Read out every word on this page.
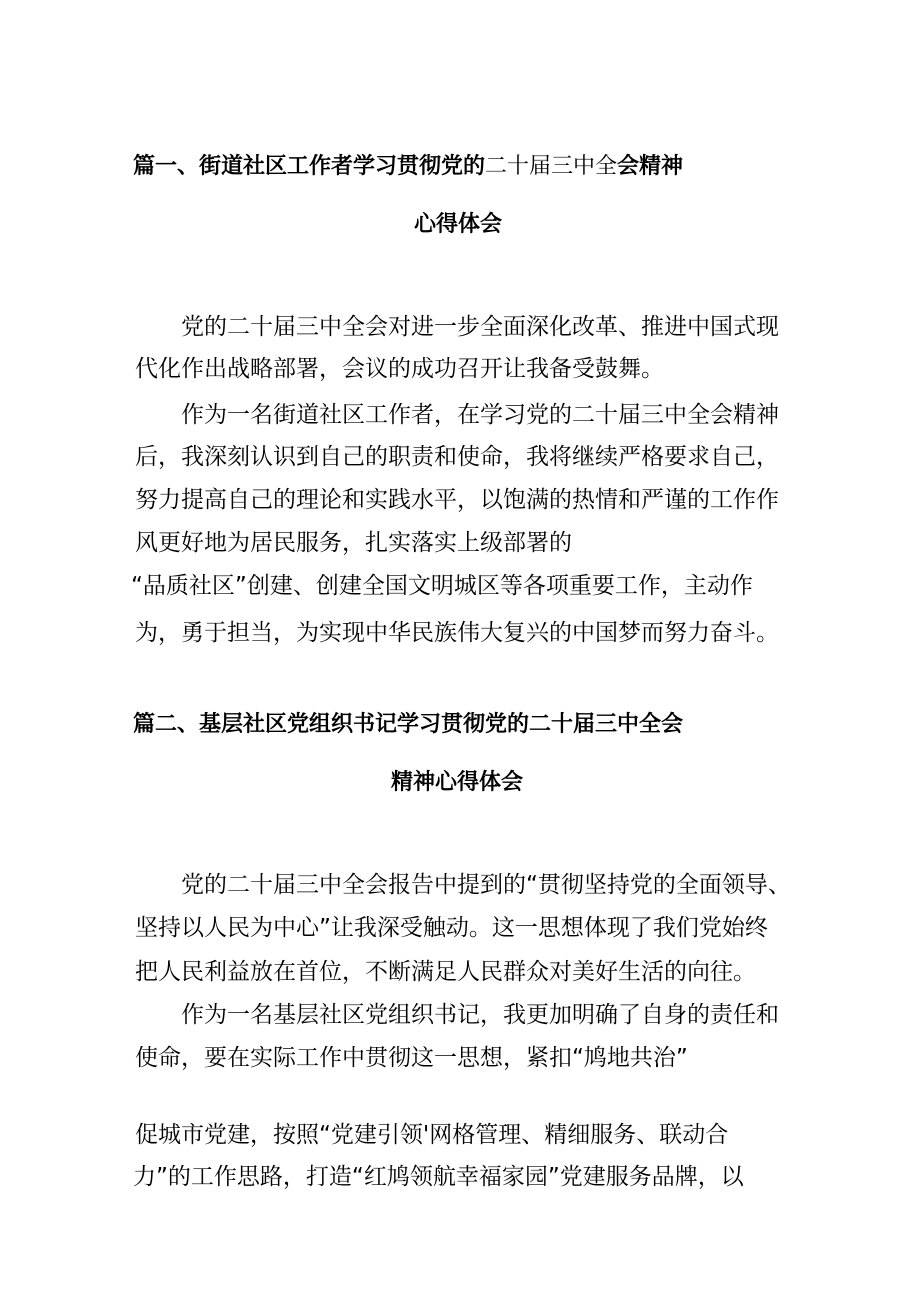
篇一、街道社区工作者学习贯彻党的二十届三中全会精神

心得体会

党的二十届三中全会对进一步全面深化改革、推进中国式现

代化作出战略部署，会议的成功召开让我备受鼓舞。

作为一名街道社区工作者，在学习党的二十届三中全会精神

后，我深刻认识到自己的职责和使命，我将继续严格要求自己，

努力提高自己的理论和实践水平，以饱满的热情和严谨的工作作

风更好地为居民服务，扎实落实上级部署的

“品质社区”创建、创建全国文明城区等各项重要工作，主动作

为，勇于担当，为实现中华民族伟大复兴的中国梦而努力奋斗。

篇二、基层社区党组织书记学习贯彻党的二十届三中全会

精神心得体会

党的二十届三中全会报告中提到的“贯彻坚持党的全面领导、

坚持以人民为中心”让我深受触动。这一思想体现了我们党始终

把人民利益放在首位，不断满足人民群众对美好生活的向往。

作为一名基层社区党组织书记，我更加明确了自身的责任和

使命，要在实际工作中贯彻这一思想，紧扣“鸠地共治”

促城市党建，按照“党建引领'网格管理、精细服务、联动合

力”的工作思路，打造“红鸠领航幸福家园”党建服务品牌，以
